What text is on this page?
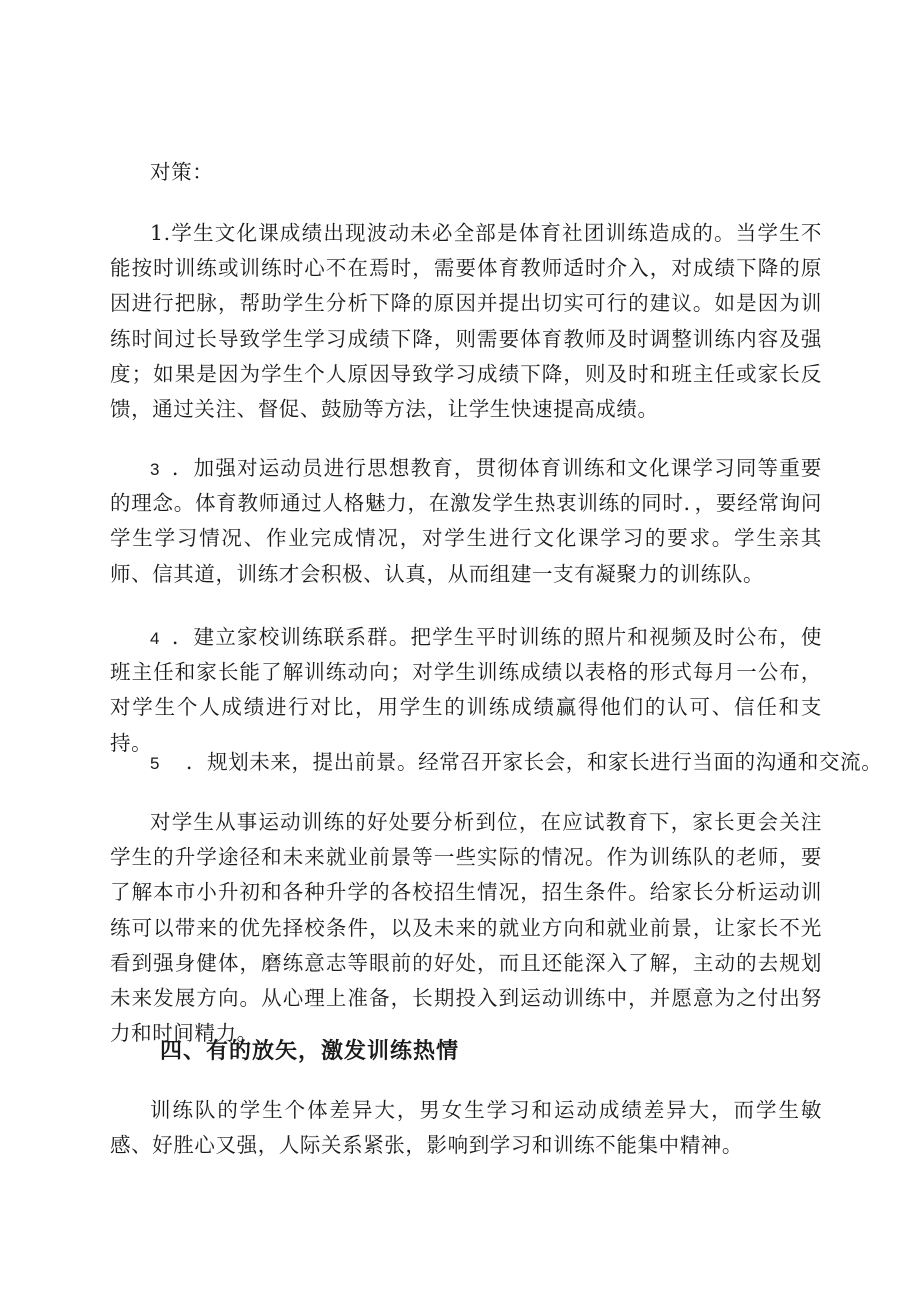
对策：

1.学生文化课成绩出现波动未必全部是体育社团训练造成的。当学生不能按时训练或训练时心不在焉时，需要体育教师适时介入，对成绩下降的原因进行把脉，帮助学生分析下降的原因并提出切实可行的建议。如是因为训练时间过长导致学生学习成绩下降，则需要体育教师及时调整训练内容及强度；如果是因为学生个人原因导致学习成绩下降，则及时和班主任或家长反馈，通过关注、督促、鼓励等方法，让学生快速提高成绩。

3 ．加强对运动员进行思想教育，贯彻体育训练和文化课学习同等重要的理念。体育教师通过人格魅力，在激发学生热衷训练的同时．，要经常询问学生学习情况、作业完成情况，对学生进行文化课学习的要求。学生亲其师、信其道，训练才会积极、认真，从而组建一支有凝聚力的训练队。

4 ．建立家校训练联系群。把学生平时训练的照片和视频及时公布，使班主任和家长能了解训练动向；对学生训练成绩以表格的形式每月一公布，对学生个人成绩进行对比，用学生的训练成绩赢得他们的认可、信任和支持。

5 ．规划未来，提出前景。经常召开家长会，和家长进行当面的沟通和交流。

对学生从事运动训练的好处要分析到位，在应试教育下，家长更会关注学生的升学途径和未来就业前景等一些实际的情况。作为训练队的老师，要了解本市小升初和各种升学的各校招生情况，招生条件。给家长分析运动训练可以带来的优先择校条件，以及未来的就业方向和就业前景，让家长不光看到强身健体，磨练意志等眼前的好处，而且还能深入了解，主动的去规划未来发展方向。从心理上准备，长期投入到运动训练中，并愿意为之付出努力和时间精力。

四、有的放矢，激发训练热情

训练队的学生个体差异大，男女生学习和运动成绩差异大，而学生敏感、好胜心又强，人际关系紧张，影响到学习和训练不能集中精神。
